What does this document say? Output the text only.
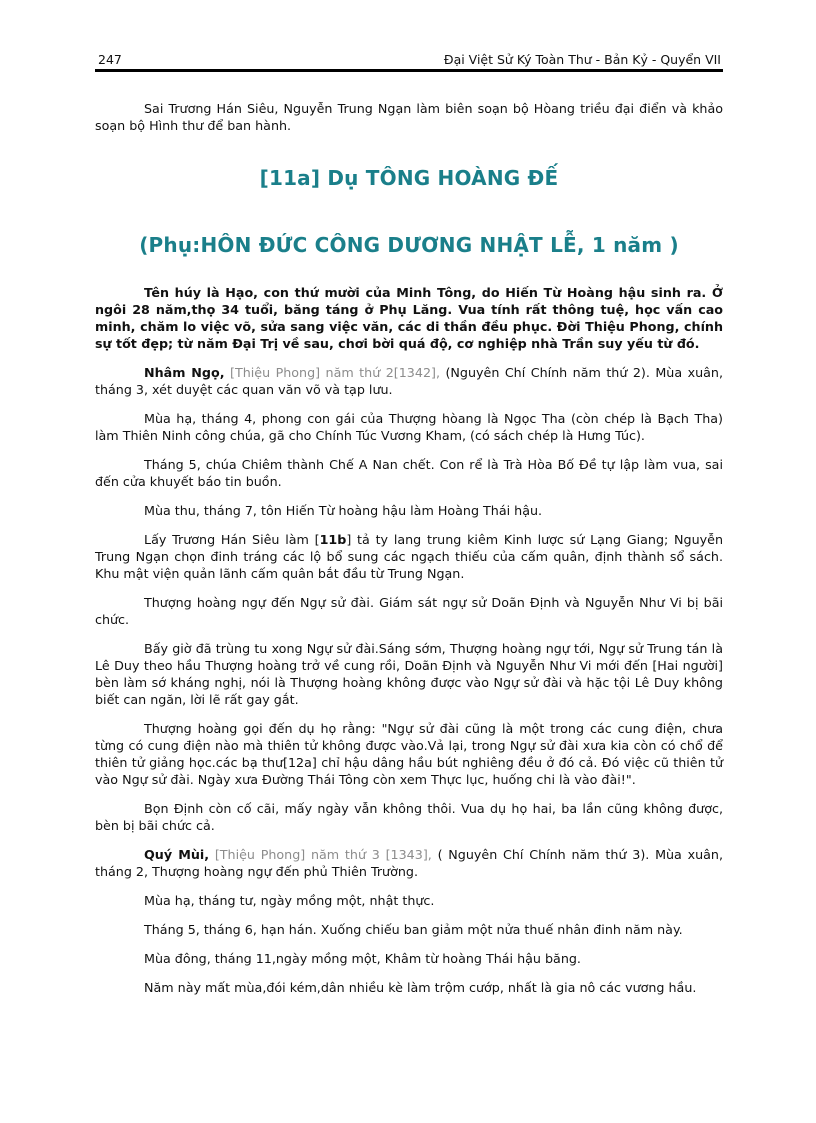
247	Đại Việt Sử Ký Toàn Thư - Bản Kỷ - Quyển VII

Sai Trương Hán Siêu, Nguyễn Trung Ngạn làm biên soạn bộ Hòang triều đại điển và khảo soạn bộ Hình thư để ban hành.

[11a] Dụ TÔNG HOÀNG ĐẾ
(Phụ:HÔN ĐỨC CÔNG DƯƠNG NHẬT LỄ, 1 năm )

Tên húy là Hạo, con thứ mười của Minh Tông, do Hiến Từ Hoàng hậu sinh ra. Ở ngôi 28 năm,thọ 34 tuổi, băng táng ở Phụ Lăng. Vua tính rất thông tuệ, học vấn cao minh, chăm lo việc võ, sửa sang việc văn, các di thần đều phục. Đời Thiệu Phong, chính sự tốt đẹp; từ năm Đại Trị về sau, chơi bời quá độ, cơ nghiệp nhà Trần suy yếu từ đó.

Nhâm Ngọ, [Thiệu Phong] năm thứ 2[1342], (Nguyên Chí Chính năm thứ 2). Mùa xuân, tháng 3, xét duyệt các quan văn võ và tạp lưu.

Mùa hạ, tháng 4, phong con gái của Thượng hòang là Ngọc Tha (còn chép là Bạch Tha) làm Thiên Ninh công chúa, gã cho Chính Túc Vương Kham, (có sách chép là Hưng Túc).

Tháng 5, chúa Chiêm thành Chế A Nan chết. Con rể là Trà Hòa Bố Đề tự lập làm vua, sai đến cửa khuyết báo tin buồn.

Mùa thu, tháng 7, tôn Hiến Từ hoàng hậu làm Hoàng Thái hậu.

Lấy Trương Hán Siêu làm [11b] tả ty lang trung kiêm Kinh lược sứ Lạng Giang; Nguyễn Trung Ngạn chọn đinh tráng các lộ bổ sung các ngạch thiếu của cấm quân, định thành sổ sách. Khu mật viện quản lãnh cấm quân bắt đầu từ Trung Ngạn.

Thượng hoàng ngự đến Ngự sử đài. Giám sát ngự sử Doãn Định và Nguyễn Như Vi bị bãi chức.

Bấy giờ đã trùng tu xong Ngự sử đài.Sáng sớm, Thượng hoàng ngự tới, Ngự sử Trung tán là Lê Duy theo hầu Thượng hoàng trở về cung rồi, Doãn Định và Nguyễn Như Vi mới đến [Hai người] bèn làm sớ kháng nghị, nói là Thượng hoàng không được vào Ngự sử đài và hặc tội Lê Duy không biết can ngăn, lời lẽ rất gay gắt.

Thượng hoàng gọi đến dụ họ rằng: "Ngự sử đài cũng là một trong các cung điện, chưa từng có cung điện nào mà thiên tử không được vào.Vả lại, trong Ngự sử đài xưa kia còn có chổ để thiên tử giảng học.các bạ thư[12a] chỉ hậu dâng hầu bút nghiêng đều ở đó cả. Đó việc cũ thiên tử vào Ngự sử đài. Ngày xưa Đường Thái Tông còn xem Thực lục, huống chi là vào đài!".

Bọn Định còn cố cãi, mấy ngày vẫn không thôi. Vua dụ họ hai, ba lần cũng không được, bèn bị bãi chức cả.

Quý Mùi, [Thiệu Phong] năm thứ 3 [1343], ( Nguyên Chí Chính năm thứ 3). Mùa xuân, tháng 2, Thượng hoàng ngự đến phủ Thiên Trường.

Mùa hạ, tháng tư, ngày mồng một, nhật thực.

Tháng 5, tháng 6, hạn hán. Xuống chiếu ban giảm một nửa thuế nhân đinh năm này.

Mùa đông, tháng 11,ngày mồng một, Khâm từ hoàng Thái hậu băng.

Năm này mất mùa,đói kém,dân nhiều kè làm trộm cướp, nhất là gia nô các vương hầu.
